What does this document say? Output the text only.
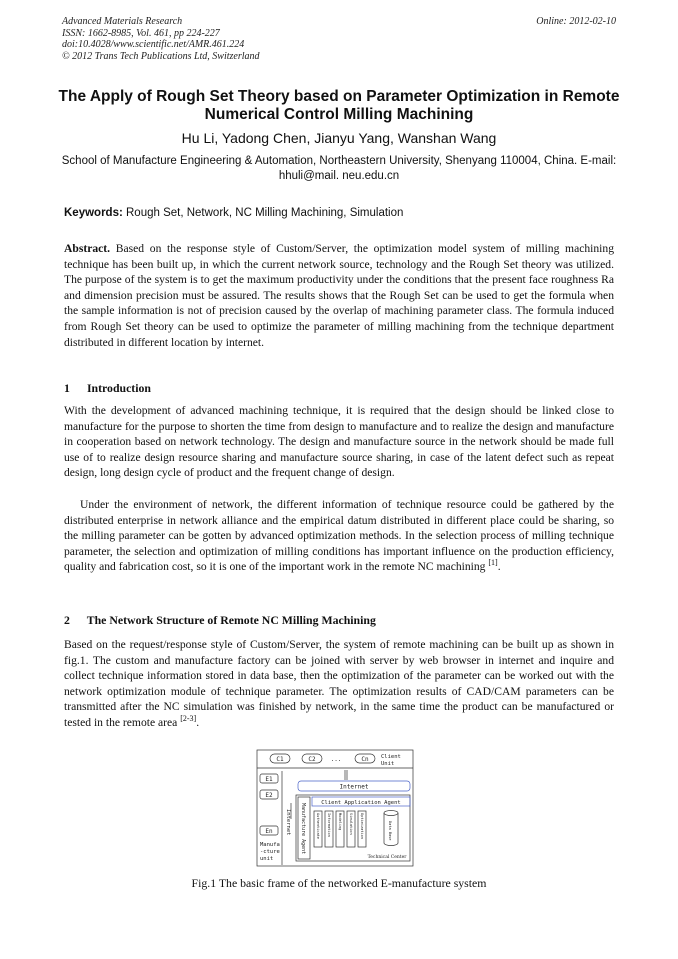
Advanced Materials Research
ISSN: 1662-8985, Vol. 461, pp 224-227
doi:10.4028/www.scientific.net/AMR.461.224
© 2012 Trans Tech Publications Ltd, Switzerland
Online: 2012-02-10
The Apply of Rough Set Theory based on Parameter Optimization in Remote Numerical Control Milling Machining
Hu Li, Yadong Chen, Jianyu Yang, Wanshan Wang
School of Manufacture Engineering & Automation, Northeastern University, Shenyang 110004, China. E-mail: hhuli@mail. neu.edu.cn
Keywords: Rough Set, Network, NC Milling Machining, Simulation

Abstract. Based on the response style of Custom/Server, the optimization model system of milling machining technique has been built up, in which the current network source, technology and the Rough Set theory was utilized. The purpose of the system is to get the maximum productivity under the conditions that the present face roughness Ra and dimension precision must be assured. The results shows that the Rough Set can be used to get the formula when the sample information is not of precision caused by the overlap of machining parameter class. The formula induced from Rough Set theory can be used to optimize the parameter of milling machining from the technique department distributed in different location by internet.

1 Introduction

With the development of advanced machining technique, it is required that the design should be linked close to manufacture for the purpose to shorten the time from design to manufacture and to realize the design and manufacture in cooperation based on network technology. The design and manufacture source in the network should be made full use of to realize design resource sharing and manufacture source sharing, in case of the latent defect such as repeat design, long design cycle of product and the frequent change of design.

Under the environment of network, the different information of technique resource could be gathered by the distributed enterprise in network alliance and the empirical datum distributed in different place could be sharing, so the milling parameter can be gotten by advanced optimization methods. In the selection process of milling technique parameter, the selection and optimization of milling conditions has important influence on the production efficiency, quality and fabrication cost, so it is one of the important work in the remote NC machining [1].

2 The Network Structure of Remote NC Milling Machining

Based on the request/response style of Custom/Server, the system of remote machining can be built up as shown in fig.1. The custom and manufacture factory can be joined with server by web browser in internet and inquire and collect technique information stored in data base, then the optimization of the parameter can be worked out with the network optimization module of technique parameter. The optimization results of CAD/CAM parameters can be transmitted after the NC simulation was finished by network, in the same time the product can be manufactured or tested in the remote area [2-3].

C1	C2 ...	Cn Client
Unit
Internet
E1
E2
En
Manufa
-cture
unit
Internet
Client Application Agent
Manufacture Agent	Authenticate Information Modeling Simulation Optimization	Data Base
Technical Center
Fig.1 The basic frame of the networked E-manufacture system
